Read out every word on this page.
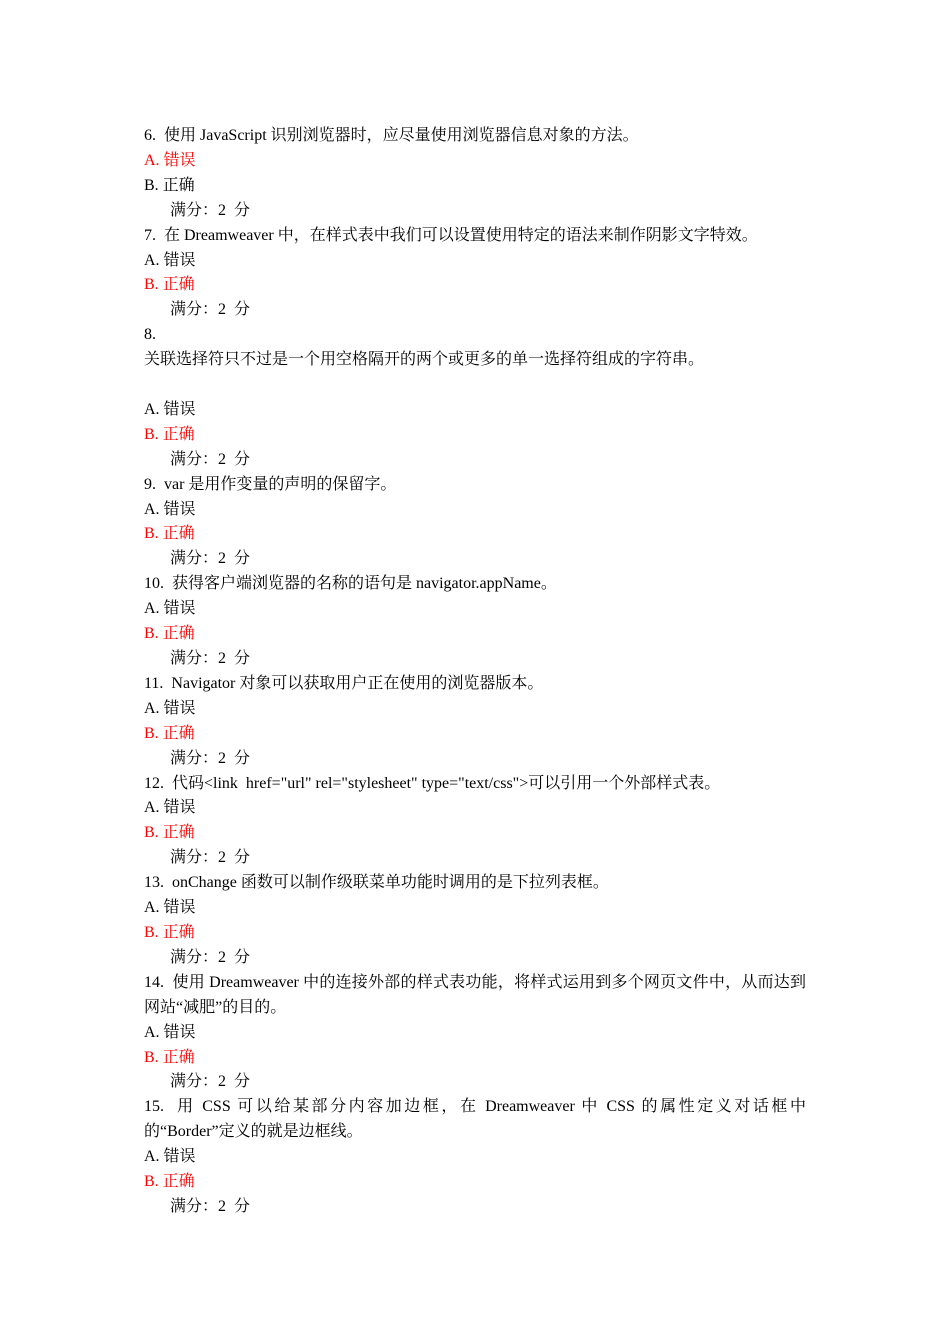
6. 使用 JavaScript 识别浏览器时，应尽量使用浏览器信息对象的方法。
A. 错误
B. 正确
满分：2  分
7. 在 Dreamweaver 中，在样式表中我们可以设置使用特定的语法来制作阴影文字特效。
A. 错误
B. 正确
满分：2  分
8.
关联选择符只不过是一个用空格隔开的两个或更多的单一选择符组成的字符串。
A. 错误
B. 正确
满分：2  分
9. var 是用作变量的声明的保留字。
A. 错误
B. 正确
满分：2  分
10. 获得客户端浏览器的名称的语句是 navigator.appName。
A. 错误
B. 正确
满分：2  分
11. Navigator 对象可以获取用户正在使用的浏览器版本。
A. 错误
B. 正确
满分：2  分
12. 代码<link  href="url" rel="stylesheet" type="text/css">可以引用一个外部样式表。
A. 错误
B. 正确
满分：2  分
13. onChange 函数可以制作级联菜单功能时调用的是下拉列表框。
A. 错误
B. 正确
满分：2  分
14. 使用 Dreamweaver 中的连接外部的样式表功能，将样式运用到多个网页文件中，从而达到网站“减肥”的目的。
A. 错误
B. 正确
满分：2  分
15. 用 CSS 可以给某部分内容加边框，在 Dreamweaver 中 CSS 的属性定义对话框中的“Border”定义的就是边框线。
A. 错误
B. 正确
满分：2  分
